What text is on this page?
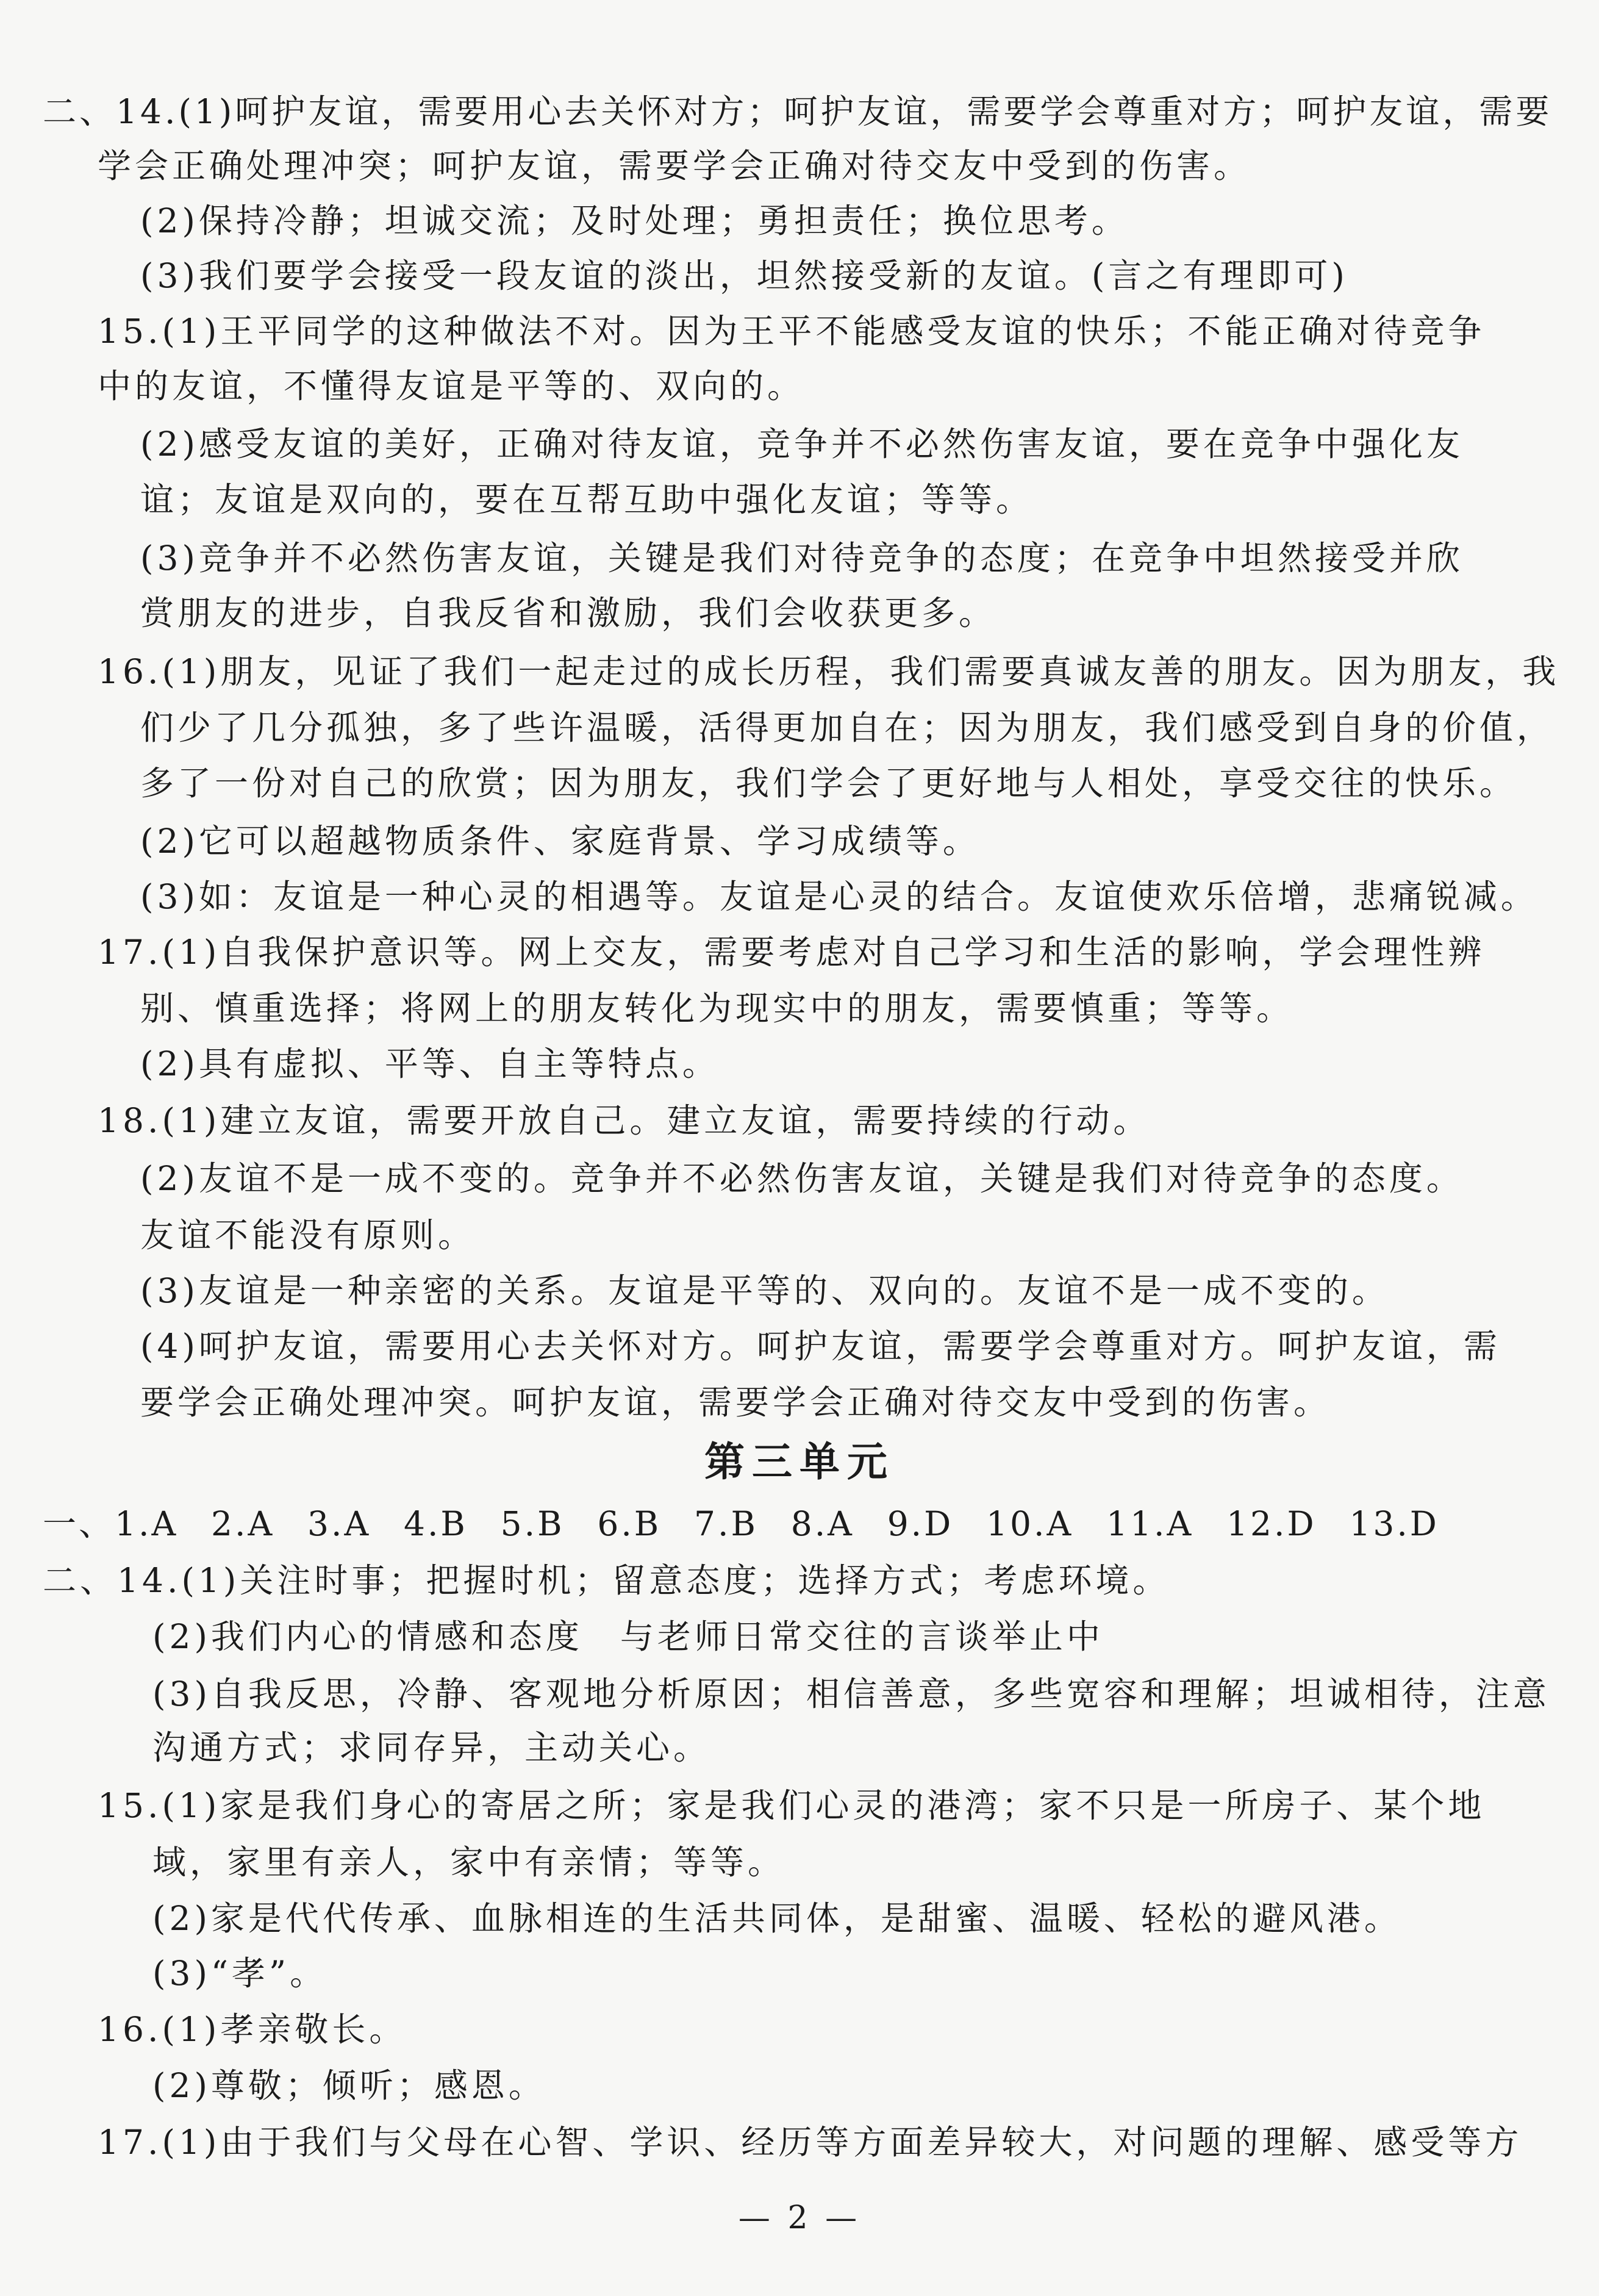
二、14.(1)呵护友谊，需要用心去关怀对方；呵护友谊，需要学会尊重对方；呵护友谊，需要
学会正确处理冲突；呵护友谊，需要学会正确对待交友中受到的伤害。
(2)保持冷静；坦诚交流；及时处理；勇担责任；换位思考。
(3)我们要学会接受一段友谊的淡出，坦然接受新的友谊。(言之有理即可)
15.(1)王平同学的这种做法不对。因为王平不能感受友谊的快乐；不能正确对待竞争
中的友谊，不懂得友谊是平等的、双向的。
(2)感受友谊的美好，正确对待友谊，竞争并不必然伤害友谊，要在竞争中强化友
谊；友谊是双向的，要在互帮互助中强化友谊；等等。
(3)竞争并不必然伤害友谊，关键是我们对待竞争的态度；在竞争中坦然接受并欣
赏朋友的进步，自我反省和激励，我们会收获更多。
16.(1)朋友，见证了我们一起走过的成长历程，我们需要真诚友善的朋友。因为朋友，我
们少了几分孤独，多了些许温暖，活得更加自在；因为朋友，我们感受到自身的价值，
多了一份对自己的欣赏；因为朋友，我们学会了更好地与人相处，享受交往的快乐。
(2)它可以超越物质条件、家庭背景、学习成绩等。
(3)如：友谊是一种心灵的相遇等。友谊是心灵的结合。友谊使欢乐倍增，悲痛锐减。
17.(1)自我保护意识等。网上交友，需要考虑对自己学习和生活的影响，学会理性辨
别、慎重选择；将网上的朋友转化为现实中的朋友，需要慎重；等等。
(2)具有虚拟、平等、自主等特点。
18.(1)建立友谊，需要开放自己。建立友谊，需要持续的行动。
(2)友谊不是一成不变的。竞争并不必然伤害友谊，关键是我们对待竞争的态度。
友谊不能没有原则。
(3)友谊是一种亲密的关系。友谊是平等的、双向的。友谊不是一成不变的。
(4)呵护友谊，需要用心去关怀对方。呵护友谊，需要学会尊重对方。呵护友谊，需
要学会正确处理冲突。呵护友谊，需要学会正确对待交友中受到的伤害。
第三单元
一、1.A 2.A 3.A 4.B 5.B 6.B 7.B 8.A 9.D 10.A 11.A 12.D 13.D
二、14.(1)关注时事；把握时机；留意态度；选择方式；考虑环境。
(2)我们内心的情感和态度　与老师日常交往的言谈举止中
(3)自我反思，冷静、客观地分析原因；相信善意，多些宽容和理解；坦诚相待，注意
沟通方式；求同存异，主动关心。
15.(1)家是我们身心的寄居之所；家是我们心灵的港湾；家不只是一所房子、某个地
域，家里有亲人，家中有亲情；等等。
(2)家是代代传承、血脉相连的生活共同体，是甜蜜、温暖、轻松的避风港。
(3)“孝”。
16.(1)孝亲敬长。
(2)尊敬；倾听；感恩。
17.(1)由于我们与父母在心智、学识、经历等方面差异较大，对问题的理解、感受等方
— 2 —
